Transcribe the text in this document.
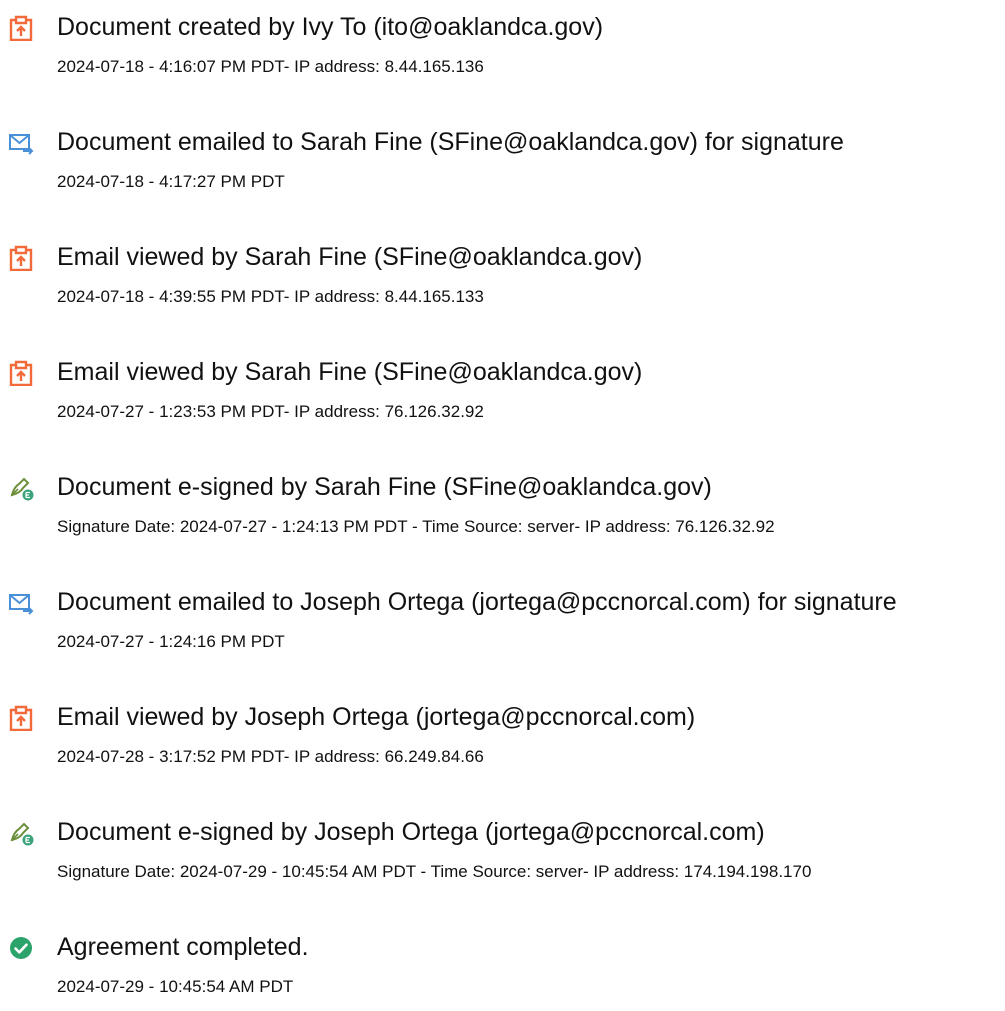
Document created by Ivy To (ito@oaklandca.gov)
2024-07-18 - 4:16:07 PM PDT- IP address: 8.44.165.136
Document emailed to Sarah Fine (SFine@oaklandca.gov) for signature
2024-07-18 - 4:17:27 PM PDT
Email viewed by Sarah Fine (SFine@oaklandca.gov)
2024-07-18 - 4:39:55 PM PDT- IP address: 8.44.165.133
Email viewed by Sarah Fine (SFine@oaklandca.gov)
2024-07-27 - 1:23:53 PM PDT- IP address: 76.126.32.92
Document e-signed by Sarah Fine (SFine@oaklandca.gov)
Signature Date: 2024-07-27 - 1:24:13 PM PDT - Time Source: server- IP address: 76.126.32.92
Document emailed to Joseph Ortega (jortega@pccnorcal.com) for signature
2024-07-27 - 1:24:16 PM PDT
Email viewed by Joseph Ortega (jortega@pccnorcal.com)
2024-07-28 - 3:17:52 PM PDT- IP address: 66.249.84.66
Document e-signed by Joseph Ortega (jortega@pccnorcal.com)
Signature Date: 2024-07-29 - 10:45:54 AM PDT - Time Source: server- IP address: 174.194.198.170
Agreement completed.
2024-07-29 - 10:45:54 AM PDT
